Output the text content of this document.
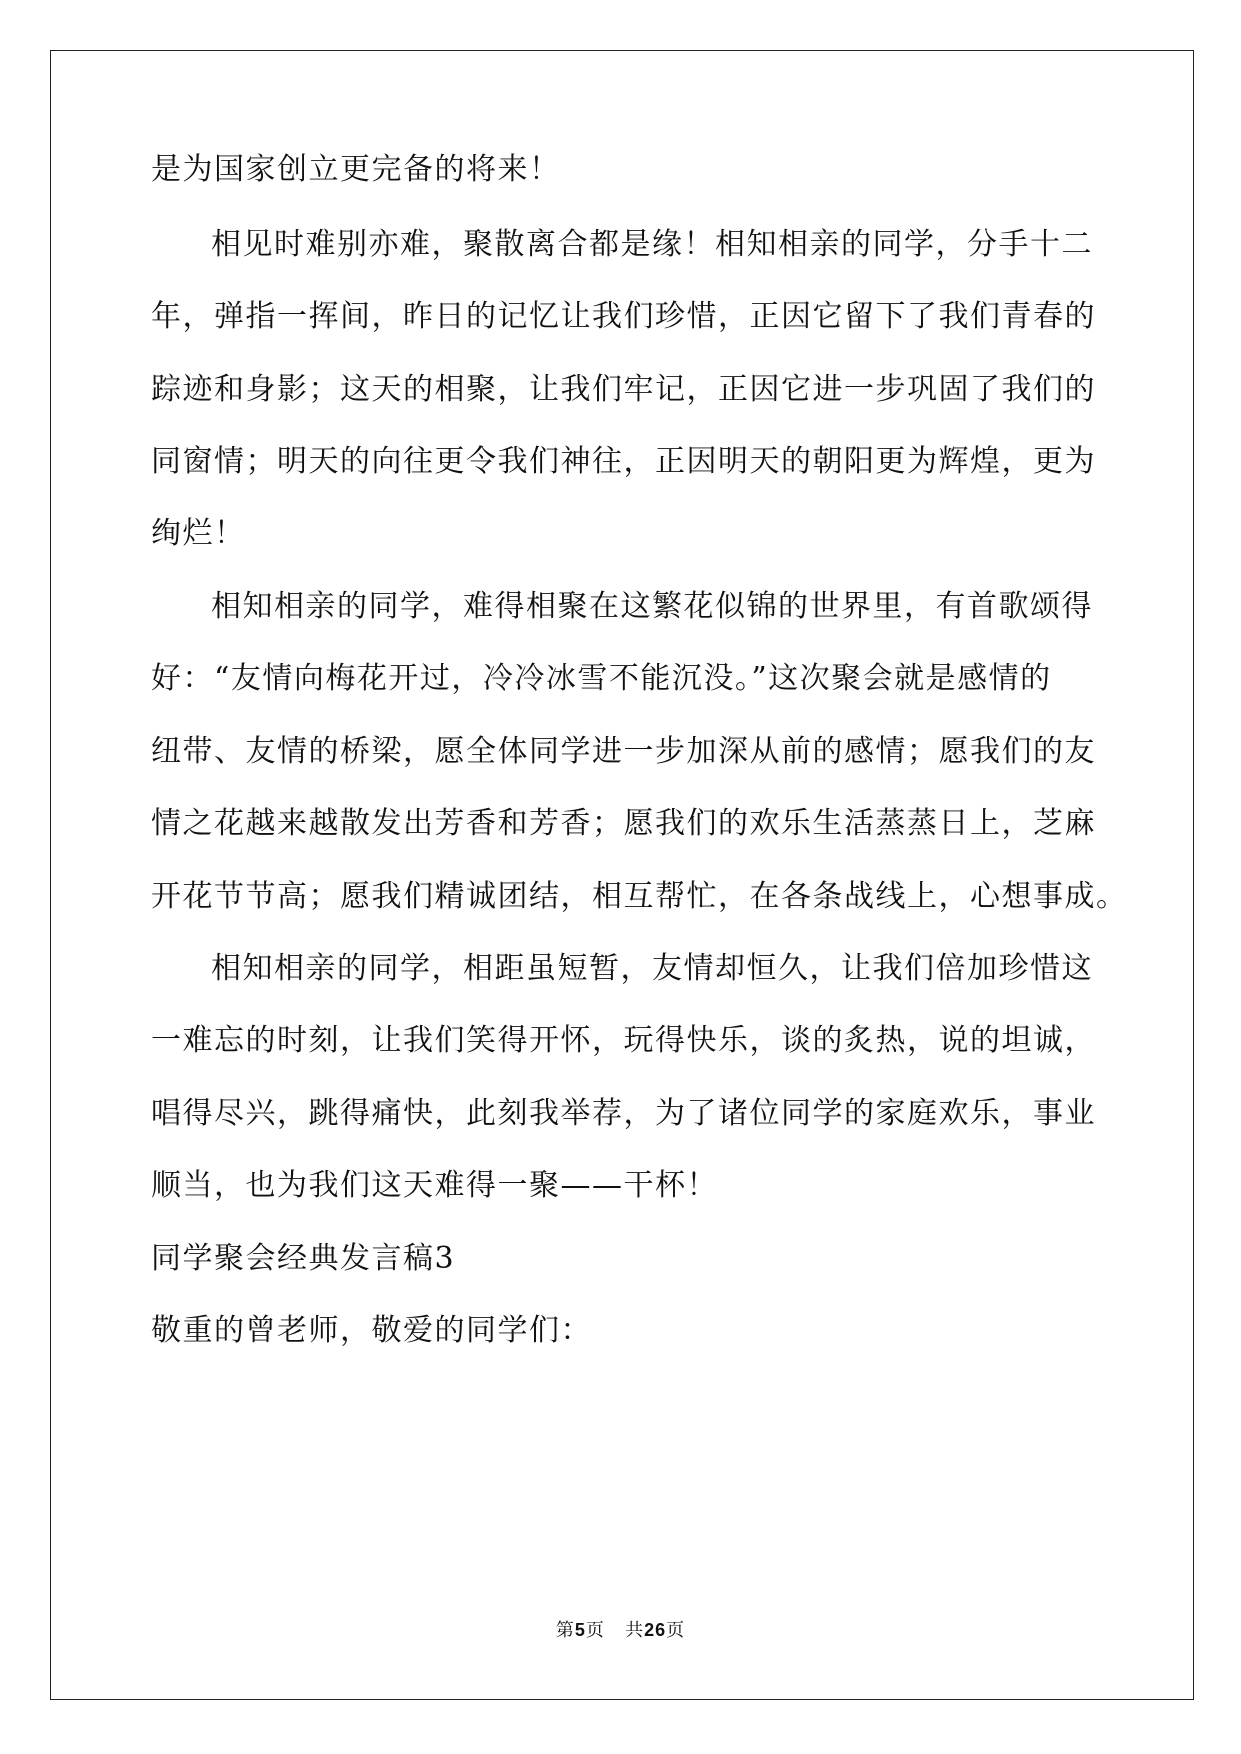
是为国家创立更完备的将来！
相见时难别亦难，聚散离合都是缘！相知相亲的同学，分手十二
年，弹指一挥间，昨日的记忆让我们珍惜，正因它留下了我们青春的
踪迹和身影；这天的相聚，让我们牢记，正因它进一步巩固了我们的
同窗情；明天的向往更令我们神往，正因明天的朝阳更为辉煌，更为
绚烂！
相知相亲的同学，难得相聚在这繁花似锦的世界里，有首歌颂得
好：“友情向梅花开过，冷冷冰雪不能沉没。”这次聚会就是感情的
纽带、友情的桥梁，愿全体同学进一步加深从前的感情；愿我们的友
情之花越来越散发出芳香和芳香；愿我们的欢乐生活蒸蒸日上，芝麻
开花节节高；愿我们精诚团结，相互帮忙，在各条战线上，心想事成。
相知相亲的同学，相距虽短暂，友情却恒久，让我们倍加珍惜这
一难忘的时刻，让我们笑得开怀，玩得快乐，谈的炙热，说的坦诚，
唱得尽兴，跳得痛快，此刻我举荐，为了诸位同学的家庭欢乐，事业
顺当，也为我们这天难得一聚——干杯！
同学聚会经典发言稿3
敬重的曾老师，敬爱的同学们：
第5页 共26页
